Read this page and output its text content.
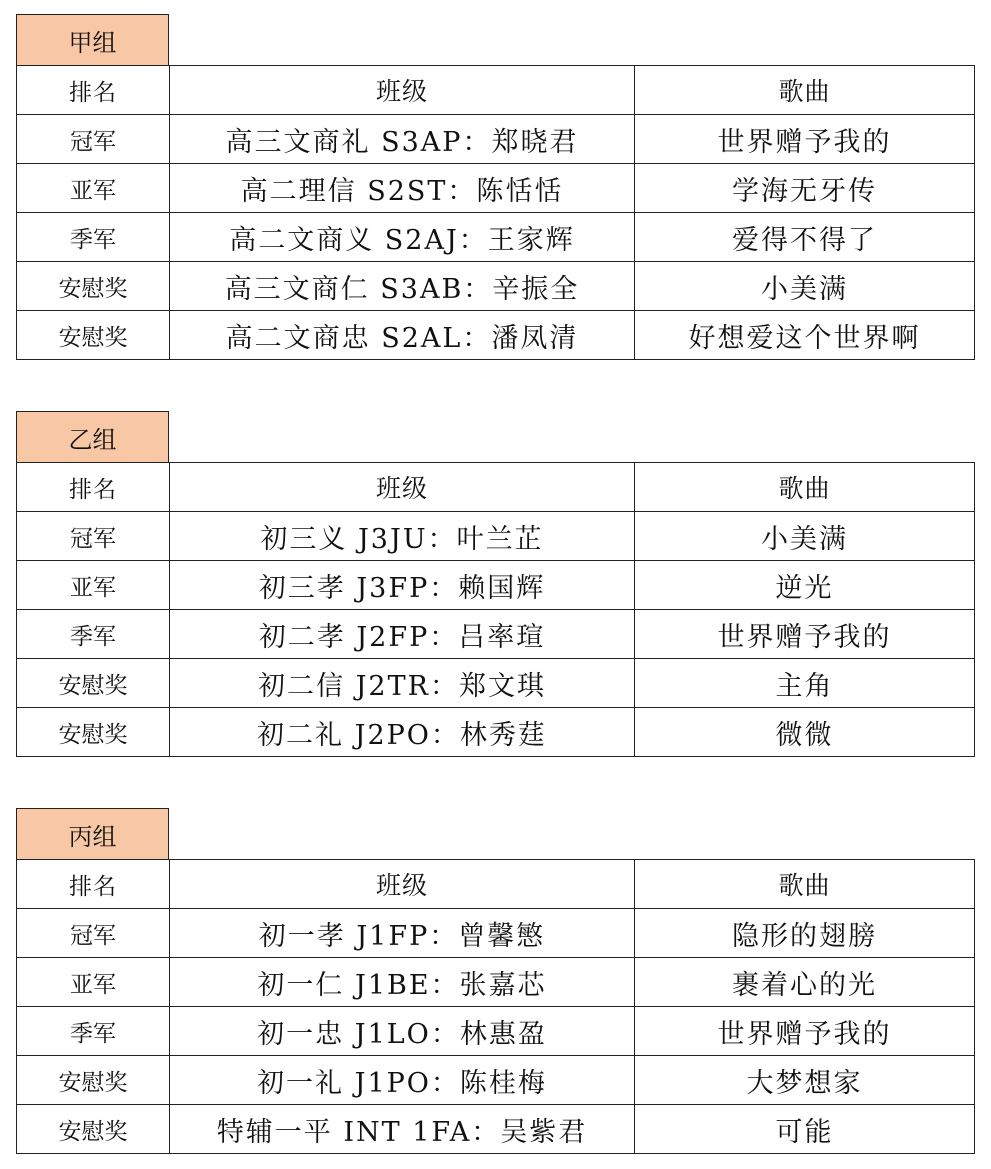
甲组
排名	班级	歌曲
冠军	高三文商礼 S3AP：郑晓君	世界赠予我的
亚军	高二理信 S2ST：陈恬恬	学海无牙传
季军	高二文商义 S2AJ：王家辉	爱得不得了
安慰奖	高三文商仁 S3AB：辛振全	小美满
安慰奖	高二文商忠 S2AL：潘凤清	好想爱这个世界啊
乙组
排名	班级	歌曲
冠军	初三义 J3JU：叶兰芷	小美满
亚军	初三孝 J3FP：赖国辉	逆光
季军	初二孝 J2FP：吕率瑄	世界赠予我的
安慰奖	初二信 J2TR：郑文琪	主角
安慰奖	初二礼 J2PO：林秀莛	微微
丙组
排名	班级	歌曲
冠军	初一孝 J1FP：曾馨慜	隐形的翅膀
亚军	初一仁 J1BE：张嘉芯	裹着心的光
季军	初一忠 J1LO：林惠盈	世界赠予我的
安慰奖	初一礼 J1PO：陈桂梅	大梦想家
安慰奖	特辅一平 INT 1FA：吴紫君	可能
